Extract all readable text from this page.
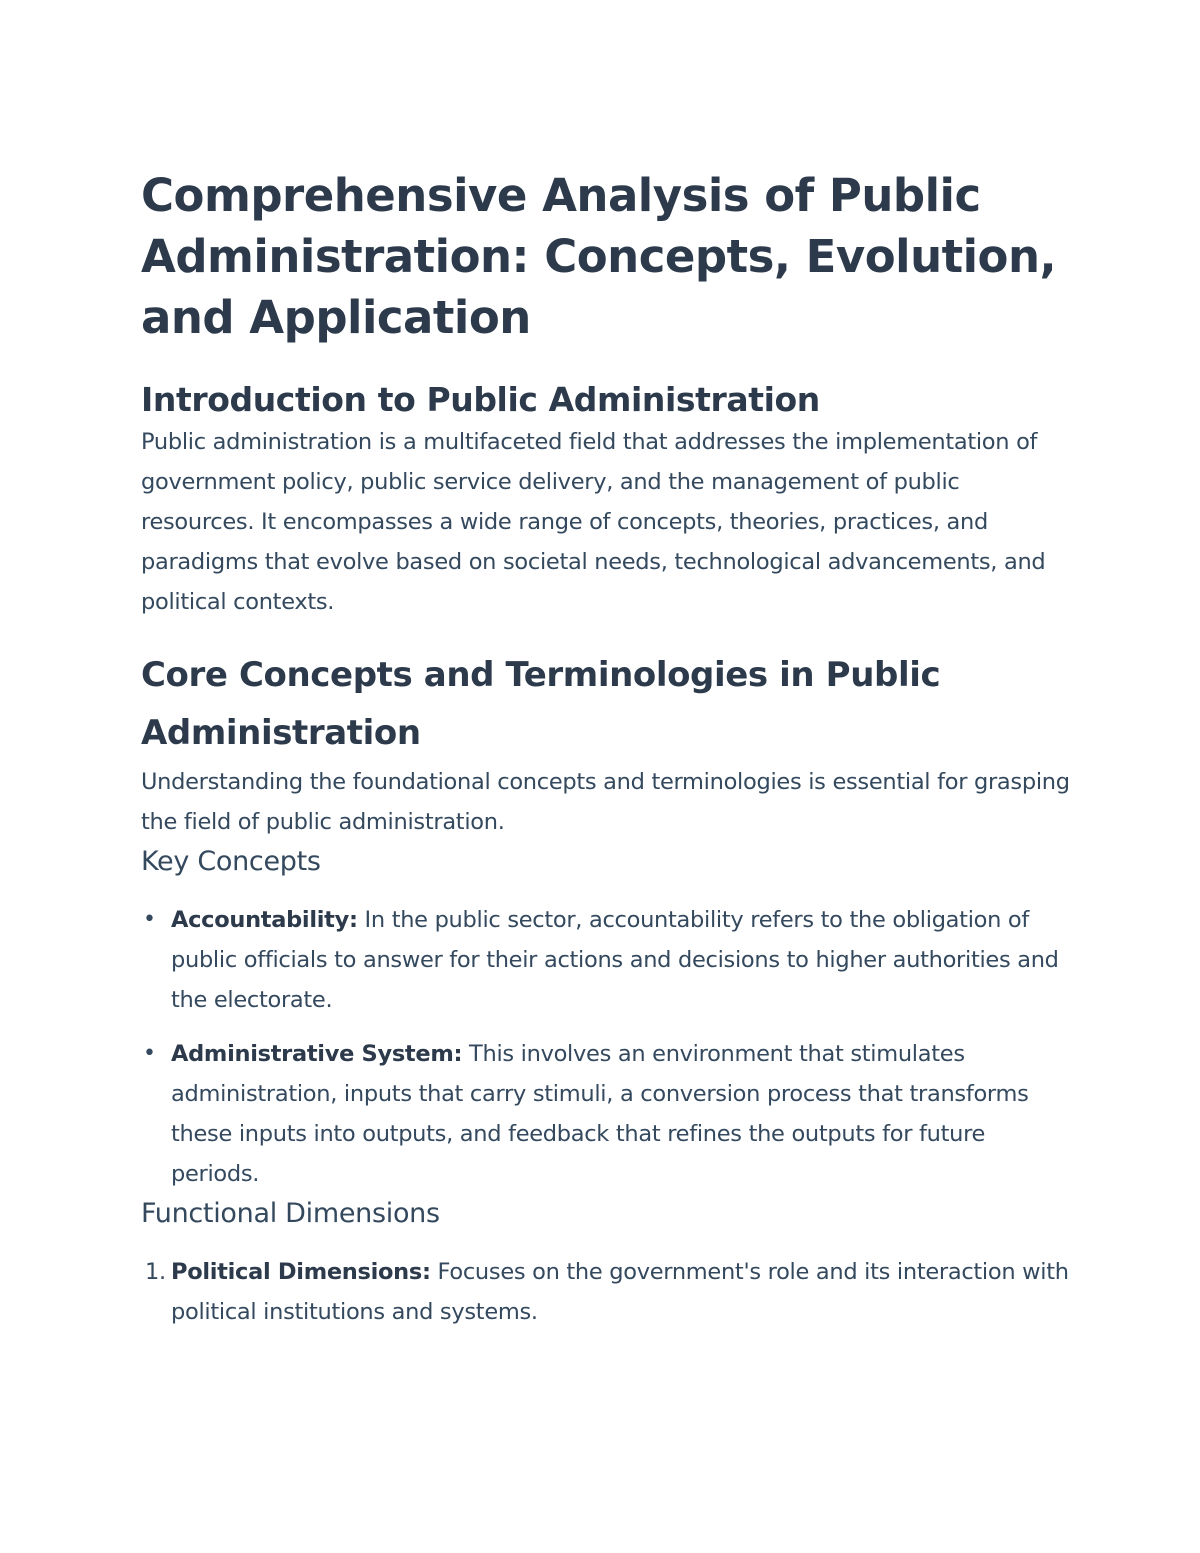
Comprehensive Analysis of Public Administration: Concepts, Evolution, and Application
Introduction to Public Administration

Public administration is a multifaceted field that addresses the implementation of government policy, public service delivery, and the management of public resources. It encompasses a wide range of concepts, theories, practices, and paradigms that evolve based on societal needs, technological advancements, and political contexts.

Core Concepts and Terminologies in Public Administration

Understanding the foundational concepts and terminologies is essential for grasping the field of public administration.

Key Concepts
• Accountability: In the public sector, accountability refers to the obligation of public officials to answer for their actions and decisions to higher authorities and the electorate.
• Administrative System: This involves an environment that stimulates administration, inputs that carry stimuli, a conversion process that transforms these inputs into outputs, and feedback that refines the outputs for future periods.
Functional Dimensions
1. Political Dimensions: Focuses on the government's role and its interaction with political institutions and systems.
